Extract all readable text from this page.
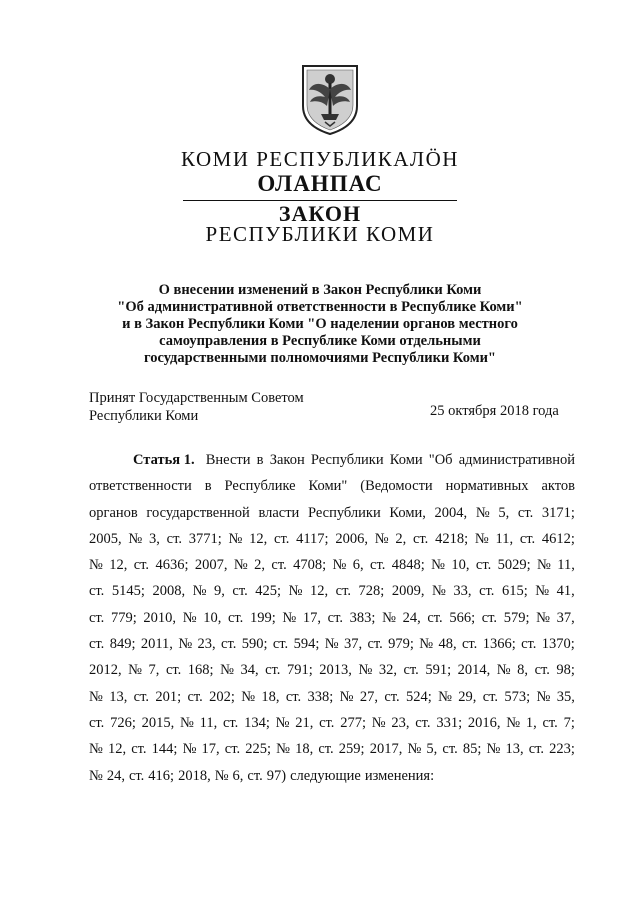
КОМИ РЕСПУБЛИКАЛÖН

ОЛАНПАС

ЗАКОН

РЕСПУБЛИКИ КОМИ

О внесении изменений в Закон Республики Коми
"Об административной ответственности в Республике Коми"
и в Закон Республики Коми "О наделении органов местного
самоуправления в Республике Коми отдельными
государственными полномочиями Республики Коми"
Принят Государственным Советом
Республики Коми	25 октября 2018 года
Статья 1. Внести в Закон Республики Коми "Об административной
ответственности в Республике Коми" (Ведомости нормативных актов
органов государственной власти Республики Коми, 2004, № 5, ст. 3171;
2005, № 3, ст. 3771; № 12, ст. 4117; 2006, № 2, ст. 4218; № 11, ст. 4612;
№ 12, ст. 4636; 2007, № 2, ст. 4708; № 6, ст. 4848; № 10, ст. 5029; № 11,
ст. 5145; 2008, № 9, ст. 425; № 12, ст. 728; 2009, № 33, ст. 615; № 41,
ст. 779; 2010, № 10, ст. 199; № 17, ст. 383; № 24, ст. 566; ст. 579; № 37,
ст. 849; 2011, № 23, ст. 590; ст. 594; № 37, ст. 979; № 48, ст. 1366; ст. 1370;
2012, № 7, ст. 168; № 34, ст. 791; 2013, № 32, ст. 591; 2014, № 8, ст. 98;
№ 13, ст. 201; ст. 202; № 18, ст. 338; № 27, ст. 524; № 29, ст. 573; № 35,
ст. 726; 2015, № 11, ст. 134; № 21, ст. 277; № 23, ст. 331; 2016, № 1, ст. 7;
№ 12, ст. 144; № 17, ст. 225; № 18, ст. 259; 2017, № 5, ст. 85; № 13, ст. 223;
№ 24, ст. 416; 2018, № 6, ст. 97) следующие изменения:
